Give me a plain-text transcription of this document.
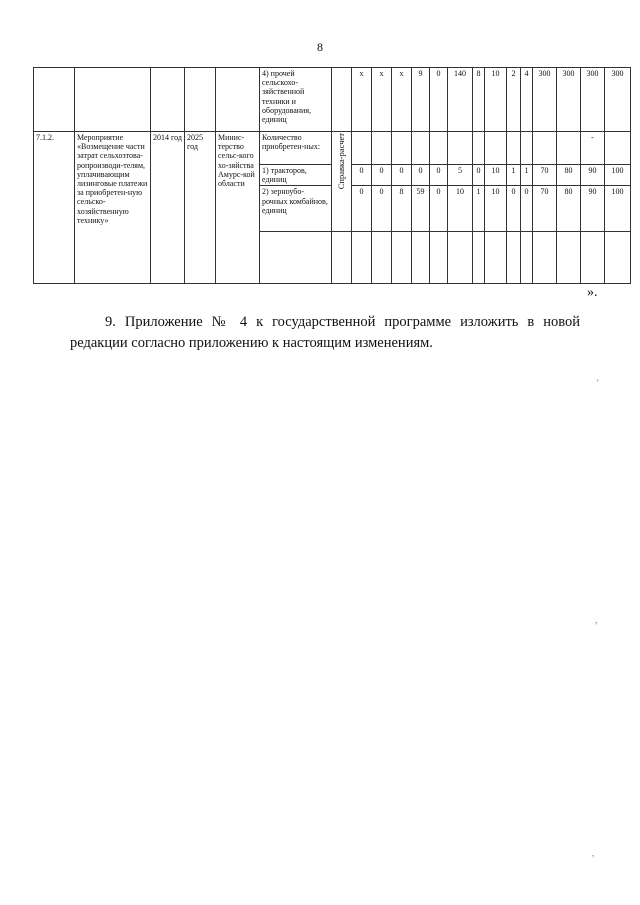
8
					4) прочей сельскохо-зяйственной техники и оборудования, единиц		x	x	x	9	0	140	8	10	2	4	300	300	300	300
7.1.2.	Мероприятие «Возмещение части затрат сельхозтова-ропроизводи-телям, уплачивающим лизинговые платежи за приобретен-ную сельско-хозяйственную технику»	2014 год	2025 год	Минис-терство сельс-кого хо-зяйства Амурс-кой области	Количество приобретен-ных:	Справка-расчет													-	
					1) тракторов, единиц		0	0	0	0	0	5	0	10	1	1	70	80	90	100
					2) зерноубо-рочных комбайнов, единиц		0	0	8	59	0	10	1	10	0	0	70	80	90	100

».

9. Приложение № 4 к государственной программе изложить в новой редакции согласно приложению к настоящим изменениям.

'
,
,
